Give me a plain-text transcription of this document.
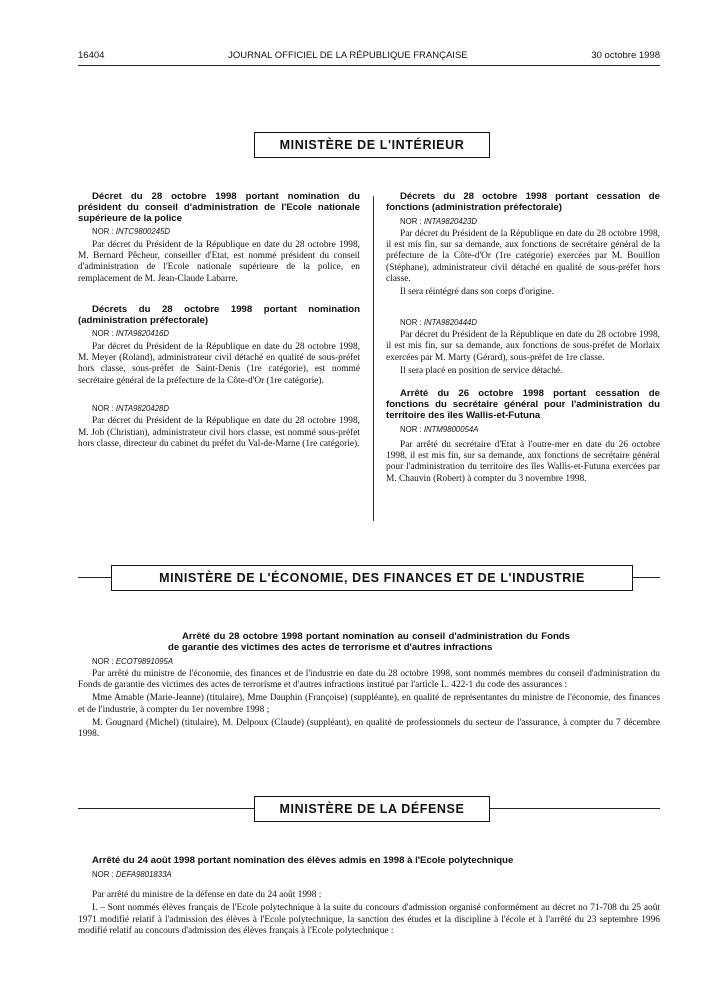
16404	JOURNAL OFFICIEL DE LA RÉPUBLIQUE FRANÇAISE	30 octobre 1998
MINISTÈRE DE L'INTÉRIEUR

Décret du 28 octobre 1998 portant nomination du président du conseil d'administration de l'Ecole nationale supérieure de la police

NOR : INTC9800245D

Par décret du Président de la République en date du 28 octobre 1998, M. Bernard Pêcheur, conseiller d'Etat, est nommé président du conseil d'administration de l'Ecole nationale supérieure de la police, en remplacement de M. Jean-Claude Labarre.

Décrets du 28 octobre 1998 portant nomination (administration préfectorale)

NOR : INTA9820416D

Par décret du Président de la République en date du 28 octobre 1998, M. Meyer (Roland), administrateur civil détaché en qualité de sous-préfet hors classe, sous-préfet de Saint-Denis (1re catégorie), est nommé secrétaire général de la préfecture de la Côte-d'Or (1re catégorie).

NOR : INTA9820428D

Par décret du Président de la République en date du 28 octobre 1998, M. Job (Christian), administrateur civil hors classe, est nommé sous-préfet hors classe, directeur du cabinet du préfet du Val-de-Marne (1re catégorie).

Décrets du 28 octobre 1998 portant cessation de fonctions (administration préfectorale)

NOR : INTA9820423D

Par décret du Président de la République en date du 28 octobre 1998, il est mis fin, sur sa demande, aux fonctions de secrétaire général de la préfecture de la Côte-d'Or (1re catégorie) exercées par M. Bouillon (Stéphane), administrateur civil détaché en qualité de sous-préfet hors classe.

Il sera réintégré dans son corps d'origine.

NOR : INTA9820444D

Par décret du Président de la République en date du 28 octobre 1998, il est mis fin, sur sa demande, aux fonctions de sous-préfet de Morlaix exercées par M. Marty (Gérard), sous-préfet de 1re classe.

Il sera placé en position de service détaché.

Arrêté du 26 octobre 1998 portant cessation de fonctions du secrétaire général pour l'administration du territoire des îles Wallis-et-Futuna

NOR : INTM9800054A

Par arrêté du secrétaire d'Etat à l'outre-mer en date du 26 octobre 1998, il est mis fin, sur sa demande, aux fonctions de secrétaire général pour l'administration du territoire des îles Wallis-et-Futuna exercées par M. Chauvin (Robert) à compter du 3 novembre 1998.

MINISTÈRE DE L'ÉCONOMIE, DES FINANCES ET DE L'INDUSTRIE

Arrêté du 28 octobre 1998 portant nomination au conseil d'administration du Fonds de garantie des victimes des actes de terrorisme et d'autres infractions

NOR : ECOT9891095A

Par arrêté du ministre de l'économie, des finances et de l'industrie en date du 28 octobre 1998, sont nommés membres du conseil d'administration du Fonds de garantie des victimes des actes de terrorisme et d'autres infractions institué par l'article L. 422-1 du code des assurances :

Mme Amable (Marie-Jeanne) (titulaire), Mme Dauphin (Françoise) (suppléante), en qualité de représentantes du ministre de l'économie, des finances et de l'industrie, à compter du 1er novembre 1998 ;

M. Gougnard (Michel) (titulaire), M. Delpoux (Claude) (suppléant), en qualité de professionnels du secteur de l'assurance, à compter du 7 décembre 1998.

MINISTÈRE DE LA DÉFENSE

Arrêté du 24 août 1998 portant nomination des élèves admis en 1998 à l'Ecole polytechnique

NOR : DEFA9801833A

Par arrêté du ministre de la défense en date du 24 août 1998 :

I. – Sont nommés élèves français de l'Ecole polytechnique à la suite du concours d'admission organisé conformément au décret no 71-708 du 25 août 1971 modifié relatif à l'admission des élèves à l'Ecole polytechnique, la sanction des études et la discipline à l'école et à l'arrêté du 23 septembre 1996 modifié relatif au concours d'admission des élèves français à l'Ecole polytechnique :
